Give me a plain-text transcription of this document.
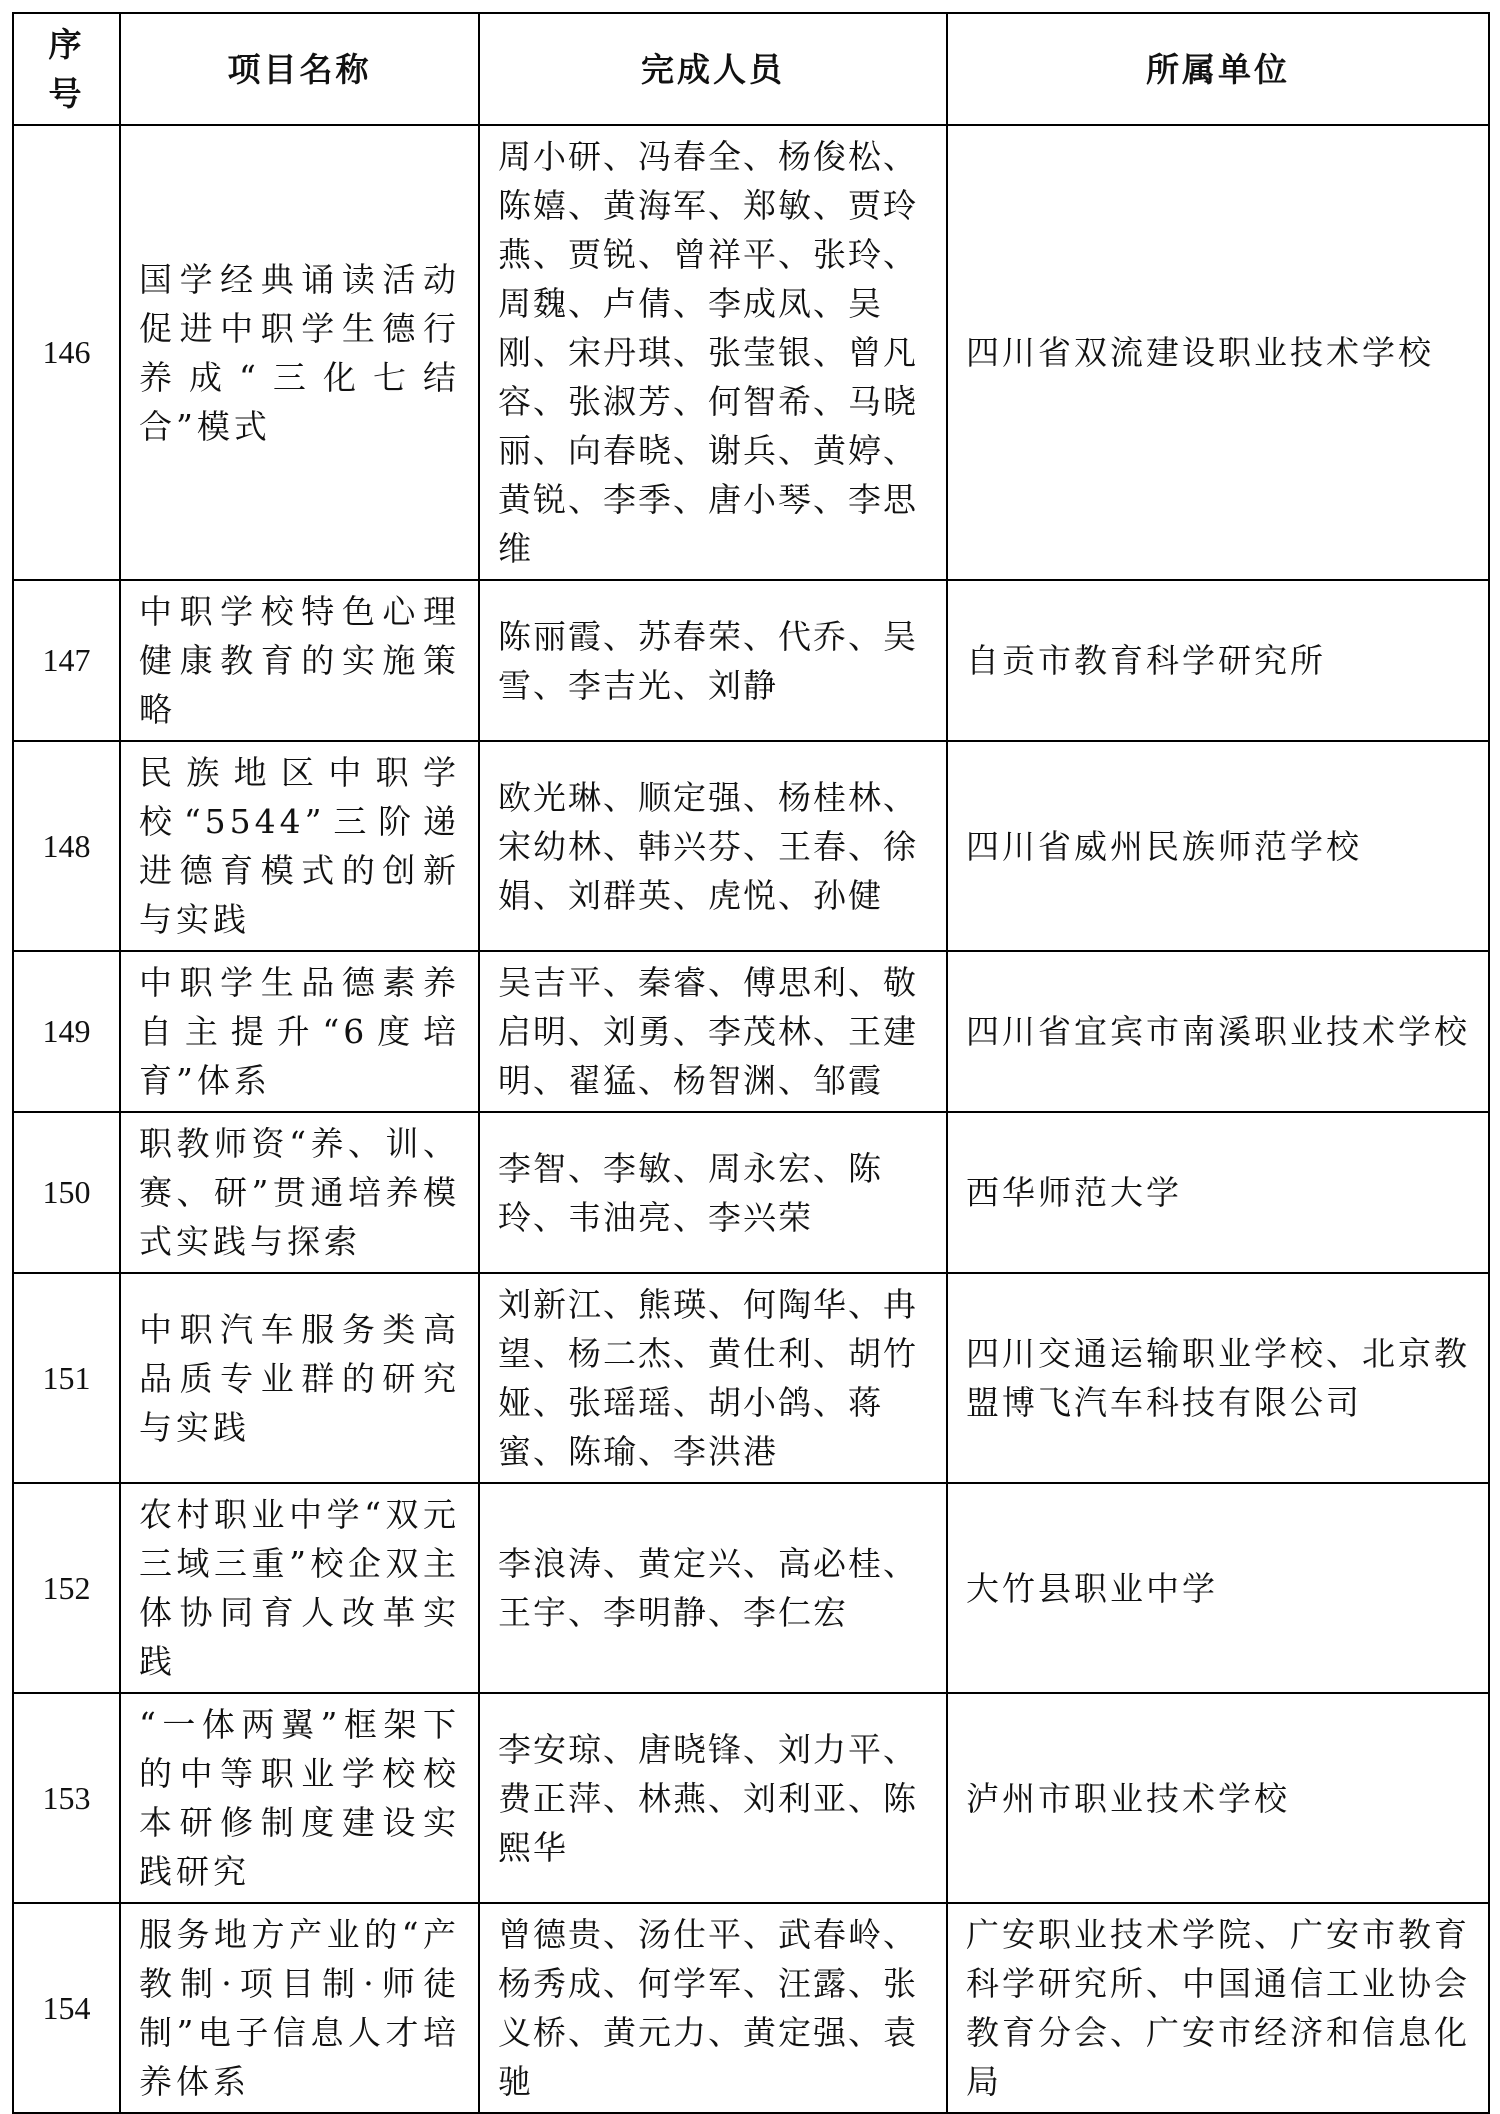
序号	项目名称	完成人员	所属单位
146	国学经典诵读活动促进中职学生德行养成“三化七结合”模式	周小研、冯春全、杨俊松、陈嬉、黄海军、郑敏、贾玲燕、贾锐、曾祥平、张玲、周魏、卢倩、李成凤、吴刚、宋丹琪、张莹银、曾凡容、张淑芳、何智希、马晓丽、向春晓、谢兵、黄婷、黄锐、李季、唐小琴、李思维	四川省双流建设职业技术学校
147	中职学校特色心理健康教育的实施策略	陈丽霞、苏春荣、代乔、吴雪、李吉光、刘静	自贡市教育科学研究所
148	民族地区中职学校“5544”三阶递进德育模式的创新与实践	欧光琳、顺定强、杨桂林、宋幼林、韩兴芬、王春、徐娟、刘群英、虎悦、孙健	四川省威州民族师范学校
149	中职学生品德素养自主提升“6度培育”体系	吴吉平、秦睿、傅思利、敬启明、刘勇、李茂林、王建明、翟猛、杨智渊、邹霞	四川省宜宾市南溪职业技术学校
150	职教师资“养、训、赛、研”贯通培养模式实践与探索	李智、李敏、周永宏、陈玲、韦油亮、李兴荣	西华师范大学
151	中职汽车服务类高品质专业群的研究与实践	刘新江、熊瑛、何陶华、冉望、杨二杰、黄仕利、胡竹娅、张瑶瑶、胡小鸽、蒋蜜、陈瑜、李洪港	四川交通运输职业学校、北京教盟博飞汽车科技有限公司
152	农村职业中学“双元三域三重”校企双主体协同育人改革实践	李浪涛、黄定兴、高必桂、王宇、李明静、李仁宏	大竹县职业中学
153	“一体两翼”框架下的中等职业学校校本研修制度建设实践研究	李安琼、唐晓锋、刘力平、费正萍、林燕、刘利亚、陈熙华	泸州市职业技术学校
154	服务地方产业的“产教制·项目制·师徒制”电子信息人才培养体系	曾德贵、汤仕平、武春岭、杨秀成、何学军、汪露、张义桥、黄元力、黄定强、袁驰	广安职业技术学院、广安市教育科学研究所、中国通信工业协会教育分会、广安市经济和信息化局
